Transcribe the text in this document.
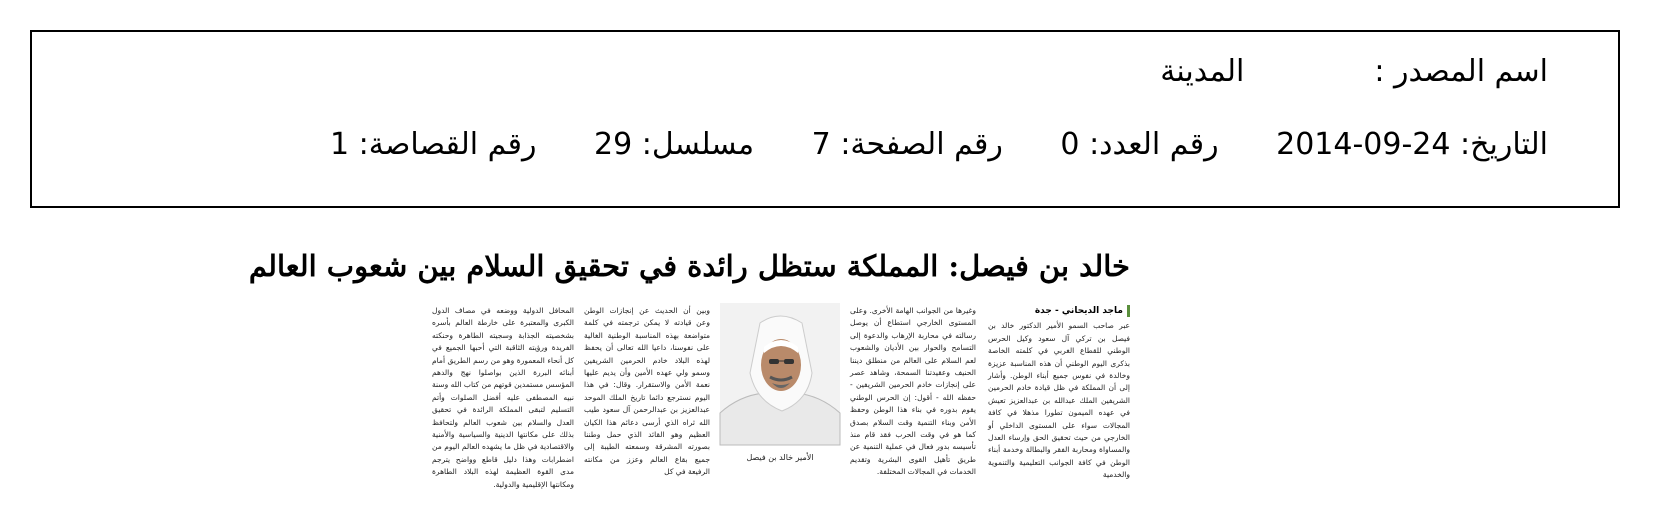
اسم المصدر :المدينة
التاريخ: 2014-09-24 رقم العدد: 0 رقم الصفحة: 7 مسلسل: 29 رقم القصاصة: 1
خالد بن فيصل: المملكة ستظل رائدة في تحقيق السلام بين شعوب العالم
ماجد الديحاني - جدة
عبر صاحب السمو الأمير الدكتور خالد بن فيصل بن تركي آل سعود وكيل الحرس الوطني للقطاع الغربي في كلمته الخاصة بذكرى اليوم الوطني أن هذه المناسبة عزيزة وخالدة في نفوس جميع أبناء الوطن. وأشار إلى أن المملكة في ظل قيادة خادم الحرمين الشريفين الملك عبدالله بن عبدالعزيز تعيش في عهده الميمون تطورا مذهلا في كافة المجالات سواء على المستوى الداخلي أو الخارجي من حيث تحقيق الحق وإرساء العدل والمساواة ومحاربة الفقر والبطالة وخدمة أبناء الوطن في كافة الجوانب التعليمية والتنموية والخدمية
وغيرها من الجوانب الهامة الأخرى. وعلى المستوى الخارجي استطاع أن يوصل رسالته في محاربة الإرهاب والدعوة إلى التسامح والحوار بين الأديان والشعوب لعم السلام على العالم من منطلق ديننا الحنيف وعقيدتنا السمحة، وشاهد عصر على إنجازات خادم الحرمين الشريفين - حفظه الله - أقول: إن الحرس الوطني يقوم بدوره في بناء هذا الوطن وحفظ الأمن وبناء التنمية وقت السلام بصدق كما هو في وقت الحرب فقد قام منذ تأسيسه بدور فعال في عملية التنمية عن طريق تأهيل القوى البشرية وتقديم الخدمات في المجالات المختلفة.
الأمير خالد بن فيصل
وبين أن الحديث عن إنجازات الوطن وعن قيادته لا يمكن ترجمته في كلمة متواضعة بهذه المناسبة الوطنية الغالية على نفوسنا، داعيا الله تعالى أن يحفظ لهذه البلاد خادم الحرمين الشريفين وسمو ولي عهده الأمين وأن يديم عليها نعمة الأمن والاستقرار. وقال: في هذا اليوم نسترجع دائما تاريخ الملك الموحد عبدالعزيز بن عبدالرحمن آل سعود طيب الله ثراه الذي أرسى دعائم هذا الكيان العظيم وهو القائد الذي حمل وطننا بصورته المشرقة وسمعته الطيبة إلى جميع بقاع العالم وعزز من مكانته الرفيعة في كل
المحافل الدولية ووضعه في مصاف الدول الكبرى والمعتبرة على خارطة العالم بأسره بشخصيته الجذابة وسجيته الطاهرة وحنكته الفريدة ورؤيته الثاقبة التي أحبها الجميع في كل أنحاء المعمورة وهو من رسم الطريق أمام أبنائه البررة الذين بواصلوا نهج والدهم المؤسس مستمدين قوتهم من كتاب الله وسنة نبيه المصطفى عليه أفضل الصلوات وأتم التسليم لتبقى المملكة الرائدة في تحقيق العدل والسلام بين شعوب العالم ولتحافظ بذلك على مكانتها الدينية والسياسية والأمنية والاقتصادية في ظل ما يشهده العالم اليوم من اضطرابات وهذا دليل قاطع وواضح يترجم مدى القوة العظيمة لهذه البلاد الطاهرة ومكانتها الإقليمية والدولية.
